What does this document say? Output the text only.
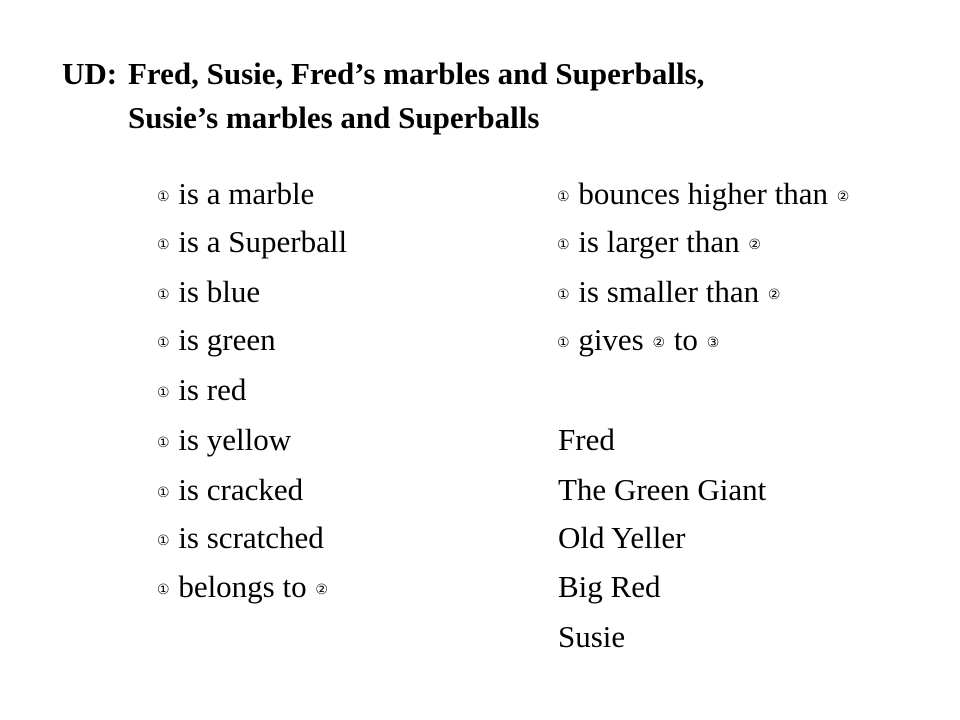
UD: Fred, Susie, Fred’s marbles and Superballs,
Susie’s marbles and Superballs
① is a marble
① is a Superball
① is blue
① is green
① is red
① is yellow
① is cracked
① is scratched
① belongs to ②
① bounces higher than ②
① is larger than ②
① is smaller than ②
① gives ② to ③
Fred
The Green Giant
Old Yeller
Big Red
Susie
